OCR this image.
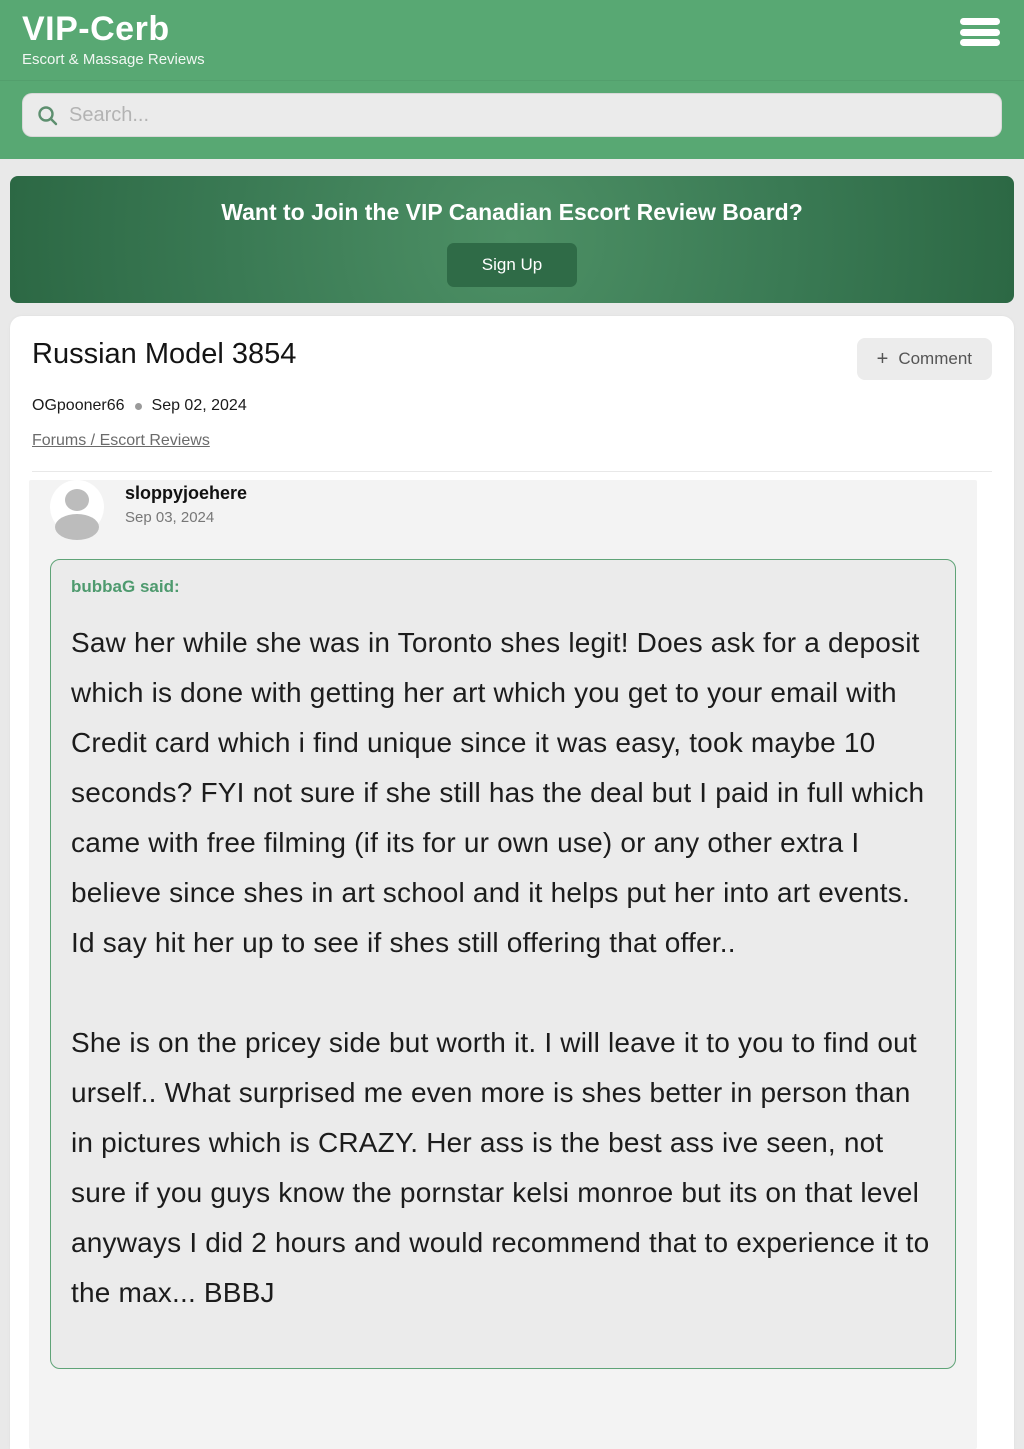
VIP-Cerb
Escort & Massage Reviews
Search...
Want to Join the VIP Canadian Escort Review Board?
Sign Up
Russian Model 3854	+ Comment
OGpooner66 Sep 02, 2024
Forums / Escort Reviews
sloppyjoehere
Sep 03, 2024
bubbaG said:

Saw her while she was in Toronto shes legit! Does ask for a deposit which is done with getting her art which you get to your email with Credit card which i find unique since it was easy, took maybe 10 seconds? FYI not sure if she still has the deal but I paid in full which came with free filming (if its for ur own use) or any other extra I believe since shes in art school and it helps put her into art events. Id say hit her up to see if shes still offering that offer..

She is on the pricey side but worth it. I will leave it to you to find out urself.. What surprised me even more is shes better in person than in pictures which is CRAZY. Her ass is the best ass ive seen, not sure if you guys know the pornstar kelsi monroe but its on that level anyways I did 2 hours and would recommend that to experience it to the max... BBBJ
